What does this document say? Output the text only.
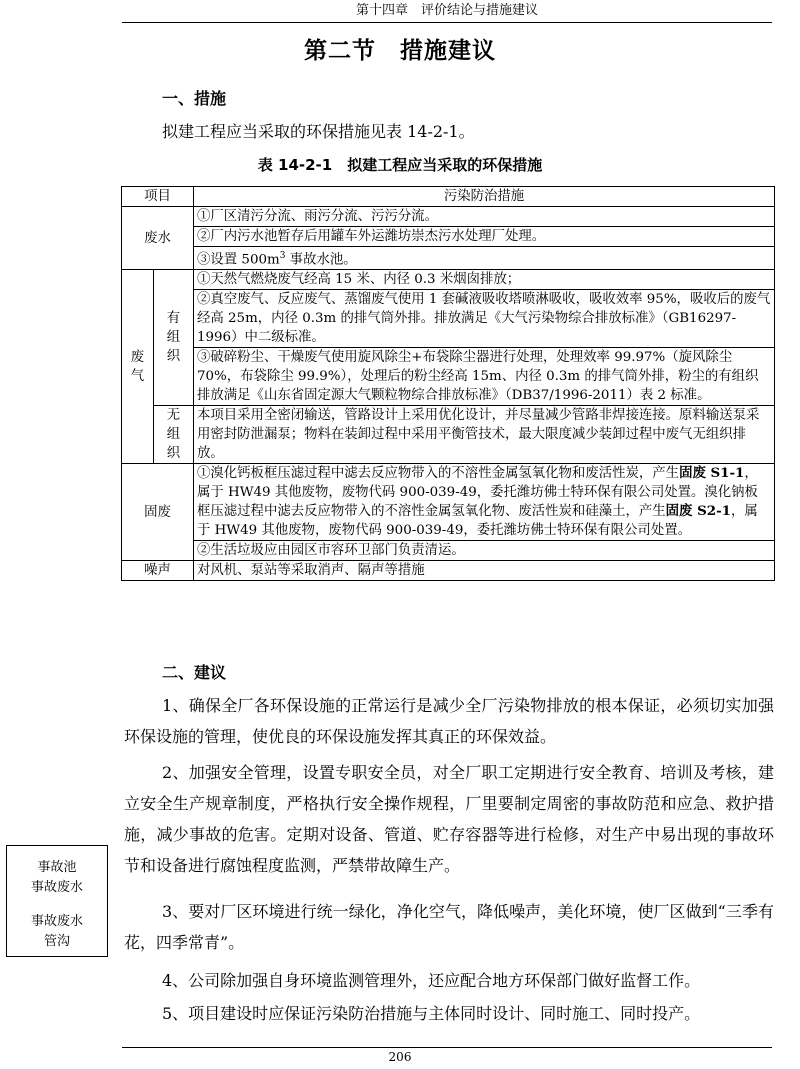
第十四章　评价结论与措施建议
第二节　措施建议
一、措施
拟建工程应当采取的环保措施见表 14-2-1。
表 14-2-1　拟建工程应当采取的环保措施
项目		污染防治措施
废水		①厂区清污分流、雨污分流、污污分流。
		②厂内污水池暂存后用罐车外运潍坊崇杰污水处理厂处理。
		③设置 $500m^3$ 事故水池。

废气	有组织	①天然气燃烧废气经高 15 米、内径 0.3 米烟囱排放；
		②真空废气、反应废气、蒸馏废气使用 1 套碱液吸收塔喷淋吸收，吸收效率 95%，吸收后的废气经高 25m，内径 0.3m 的排气筒外排。排放满足《大气污染物综合排放标准》（GB16297- 1996）中二级标准。
		③破碎粉尘、干燥废气使用旋风除尘+布袋除尘器进行处理，处理效率 99.97%（旋风除尘 70%，布袋除尘 99.9%），处理后的粉尘经高 15m、内径 0.3m 的排气筒外排，粉尘的有组织排放满足《山东省固定源大气颗粒物综合排放标准》（DB37/1996-2011）表 2 标准。

	无组织	本项目采用全密闭输送，管路设计上采用优化设计，并尽量减少管路非焊接连接。原料输送泵采用密封防泄漏泵；物料在装卸过程中采用平衡管技术，最大限度减少装卸过程中废气无组织排放。
固废		①溴化钙板框压滤过程中滤去反应物带入的不溶性金属氢氧化物和废活性炭，产生固废 S1-1，属于 HW49 其他废物，废物代码 900-039-49，委托潍坊佛士特环保有限公司处置。溴化钠板框压滤过程中滤去反应物带入的不溶性金属氢氧化物、废活性炭和硅藻土，产生固废 S2-1，属于 HW49 其他废物，废物代码 900-039-49，委托潍坊佛士特环保有限公司处置。
		②生活垃圾应由园区市容环卫部门负责清运。
噪声		对风机、泵站等采取消声、隔声等措施
二、建议
1、确保全厂各环保设施的正常运行是减少全厂污染物排放的根本保证，必须切实加强环保设施的管理，使优良的环保设施发挥其真正的环保效益。
2、加强安全管理，设置专职安全员，对全厂职工定期进行安全教育、培训及考核，建立安全生产规章制度，严格执行安全操作规程，厂里要制定周密的事故防范和应急、救护措施，减少事故的危害。定期对设备、管道、贮存容器等进行检修，对生产中易出现的事故环节和设备进行腐蚀程度监测，严禁带故障生产。
3、要对厂区环境进行统一绿化，净化空气，降低噪声，美化环境，使厂区做到“三季有花，四季常青”。
4、公司除加强自身环境监测管理外，还应配合地方环保部门做好监督工作。
5、项目建设时应保证污染防治措施与主体同时设计、同时施工、同时投产。
事故池
事故废水
事故废水
管沟
206
